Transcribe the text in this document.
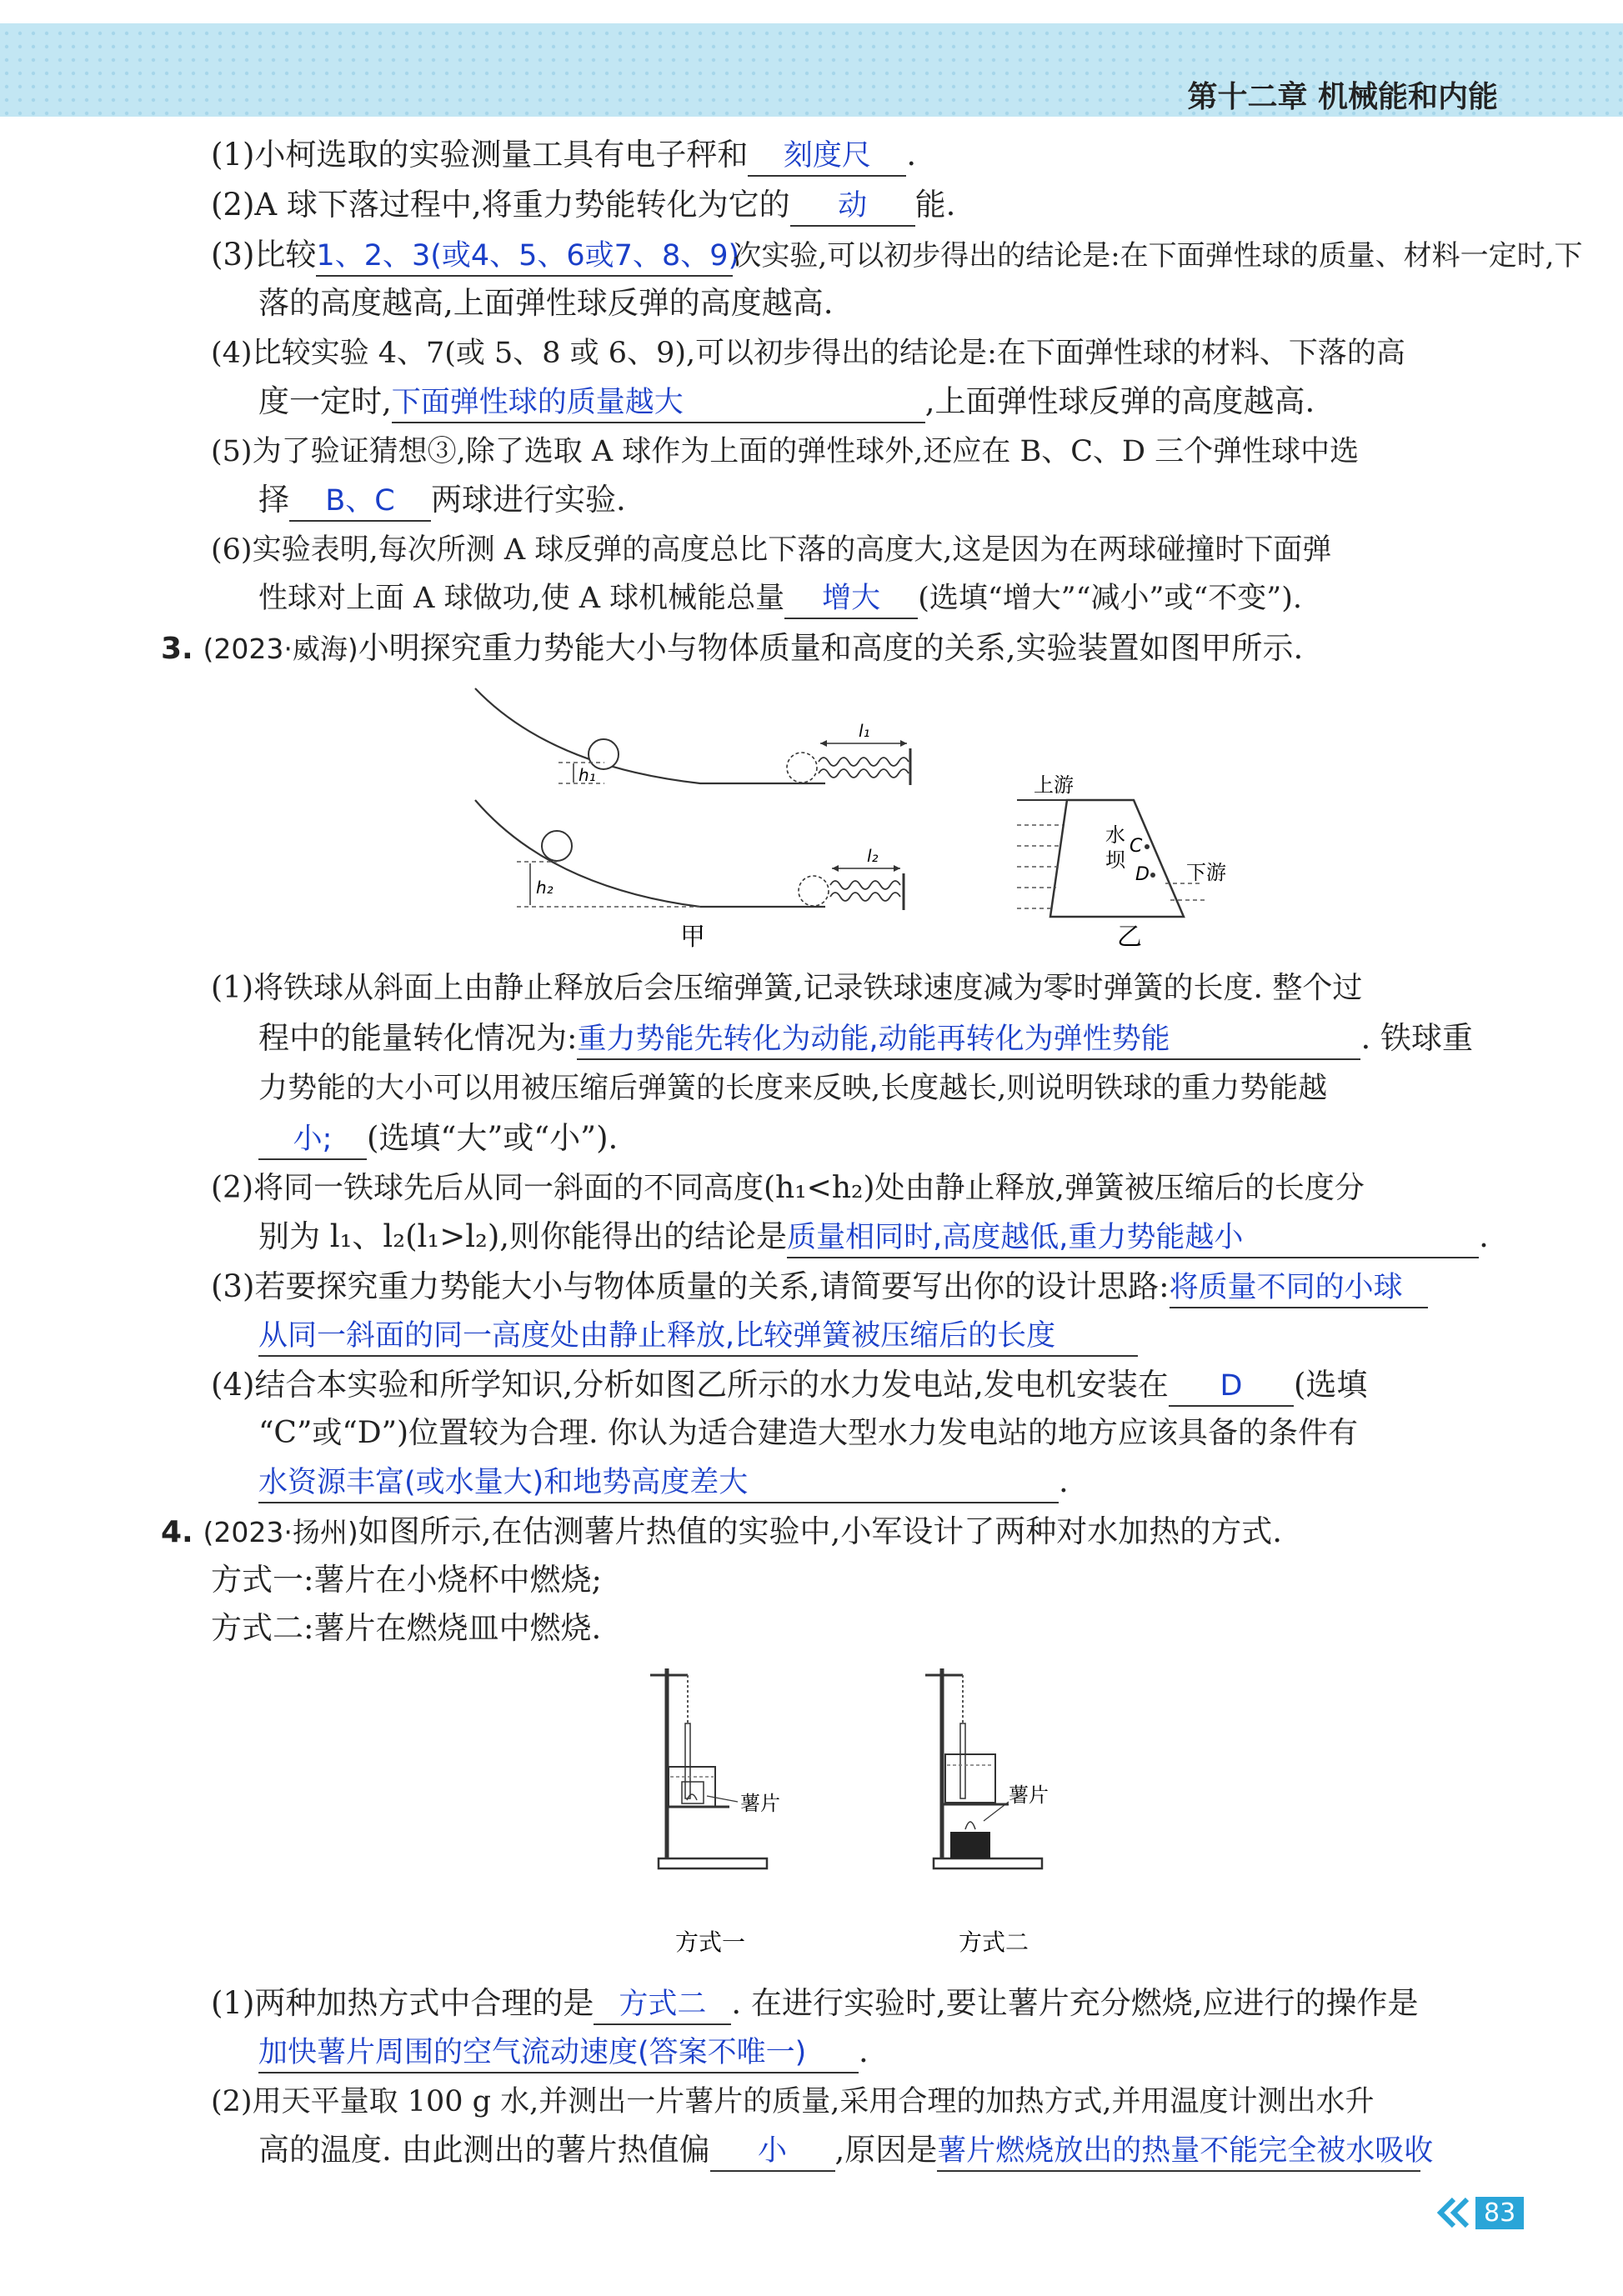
第十二章 机械能和内能
(1)小柯选取的实验测量工具有电子秤和 刻度尺 .
(2)A 球下落过程中,将重力势能转化为它的 动 能.
(3)比较1、2、3(或4、5、6或7、8、9)次实验,可以初步得出的结论是:在下面弹性球的质量、材料一定时,下
落的高度越高,上面弹性球反弹的高度越高.
(4)比较实验 4、7(或 5、8 或 6、9),可以初步得出的结论是:在下面弹性球的材料、下落的高
度一定时,下面弹性球的质量越大	,上面弹性球反弹的高度越高.
(5)为了验证猜想③,除了选取 A 球作为上面的弹性球外,还应在 B、C、D 三个弹性球中选
择 B、C 两球进行实验.
(6)实验表明,每次所测 A 球反弹的高度总比下落的高度大,这是因为在两球碰撞时下面弹
性球对上面 A 球做功,使 A 球机械能总量 增大 (选填“增大”“减小”或“不变”).
3. (2023·威海)小明探究重力势能大小与物体质量和高度的关系,实验装置如图甲所示.
h₁
l₁
h₂
l₂
甲
上游
下游
水
坝
C
D
乙
(1)将铁球从斜面上由静止释放后会压缩弹簧,记录铁球速度减为零时弹簧的长度. 整个过
程中的能量转化情况为:重力势能先转化为动能,动能再转化为弹性势能	. 铁球重
力势能的大小可以用被压缩后弹簧的长度来反映,长度越长,则说明铁球的重力势能越
小; (选填“大”或“小”).
(2)将同一铁球先后从同一斜面的不同高度(h₁<h₂)处由静止释放,弹簧被压缩后的长度分
别为 l₁、l₂(l₁>l₂),则你能得出的结论是质量相同时,高度越低,重力势能越小	.
(3)若要探究重力势能大小与物体质量的关系,请简要写出你的设计思路:将质量不同的小球
从同一斜面的同一高度处由静止释放,比较弹簧被压缩后的长度
(4)结合本实验和所学知识,分析如图乙所示的水力发电站,发电机安装在 D (选填
“C”或“D”)位置较为合理. 你认为适合建造大型水力发电站的地方应该具备的条件有
水资源丰富(或水量大)和地势高度差大	.
4. (2023·扬州)如图所示,在估测薯片热值的实验中,小军设计了两种对水加热的方式.
方式一:薯片在小烧杯中燃烧;
方式二:薯片在燃烧皿中燃烧.
薯片
方式一
薯片
方式二
(1)两种加热方式中合理的是 方式二 . 在进行实验时,要让薯片充分燃烧,应进行的操作是
加快薯片周围的空气流动速度(答案不唯一) .
(2)用天平量取 100 g 水,并测出一片薯片的质量,采用合理的加热方式,并用温度计测出水升
高的温度. 由此测出的薯片热值偏 小 ,原因是薯片燃烧放出的热量不能完全被水吸收
83
